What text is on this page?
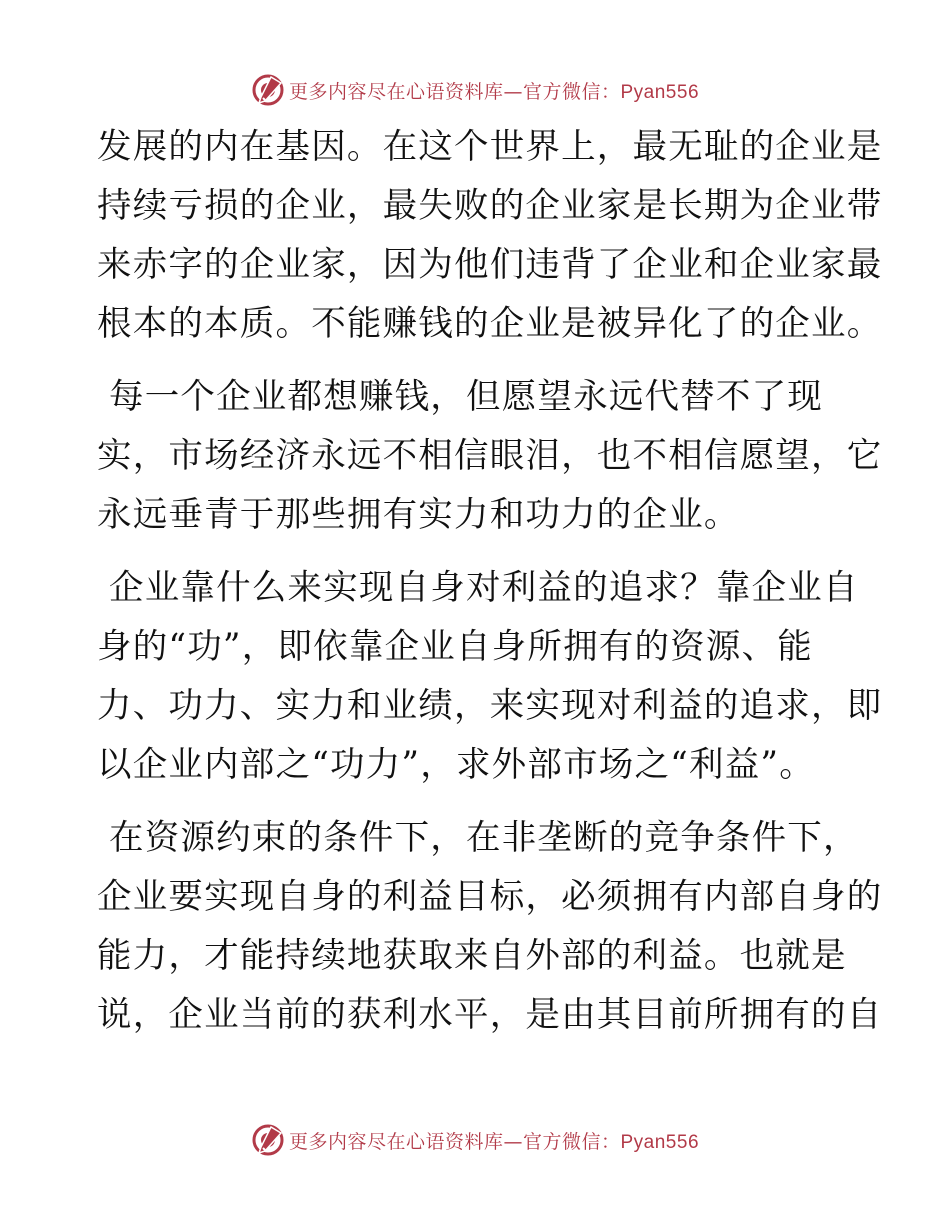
更多内容尽在心语资料库—官方微信：Pyan556

发展的内在基因。在这个世界上，最无耻的企业是
持续亏损的企业，最失败的企业家是长期为企业带
来赤字的企业家，因为他们违背了企业和企业家最
根本的本质。不能赚钱的企业是被异化了的企业。

每一个企业都想赚钱，但愿望永远代替不了现
实，市场经济永远不相信眼泪，也不相信愿望，它
永远垂青于那些拥有实力和功力的企业。

企业靠什么来实现自身对利益的追求？靠企业自
身的“功”，即依靠企业自身所拥有的资源、能
力、功力、实力和业绩，来实现对利益的追求，即
以企业内部之“功力”，求外部市场之“利益”。

在资源约束的条件下，在非垄断的竞争条件下，
企业要实现自身的利益目标，必须拥有内部自身的
能力，才能持续地获取来自外部的利益。也就是
说，企业当前的获利水平，是由其目前所拥有的自

更多内容尽在心语资料库—官方微信：Pyan556
